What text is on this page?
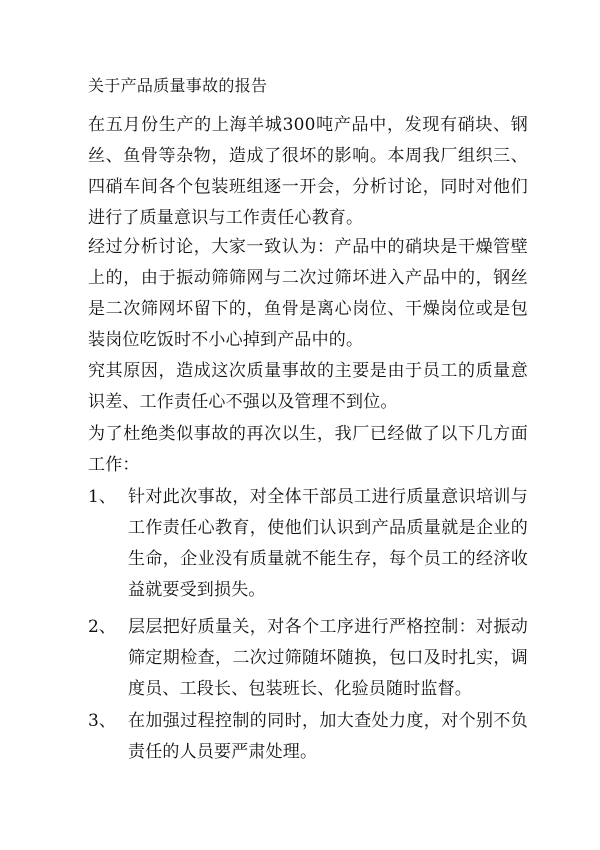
关于产品质量事故的报告

在五月份生产的上海羊城300吨产品中，发现有硝块、钢丝、鱼骨等杂物，造成了很坏的影响。本周我厂组织三、四硝车间各个包装班组逐一开会，分析讨论，同时对他们进行了质量意识与工作责任心教育。

经过分析讨论，大家一致认为：产品中的硝块是干燥管壁上的，由于振动筛筛网与二次过筛坏进入产品中的，钢丝是二次筛网坏留下的，鱼骨是离心岗位、干燥岗位或是包装岗位吃饭时不小心掉到产品中的。

究其原因，造成这次质量事故的主要是由于员工的质量意识差、工作责任心不强以及管理不到位。

为了杜绝类似事故的再次以生，我厂已经做了以下几方面工作：

1、 针对此次事故，对全体干部员工进行质量意识培训与工作责任心教育，使他们认识到产品质量就是企业的生命，企业没有质量就不能生存，每个员工的经济收益就要受到损失。
2、 层层把好质量关，对各个工序进行严格控制：对振动筛定期检查，二次过筛随坏随换，包口及时扎实，调度员、工段长、包装班长、化验员随时监督。
3、 在加强过程控制的同时，加大查处力度，对个别不负责任的人员要严肃处理。
